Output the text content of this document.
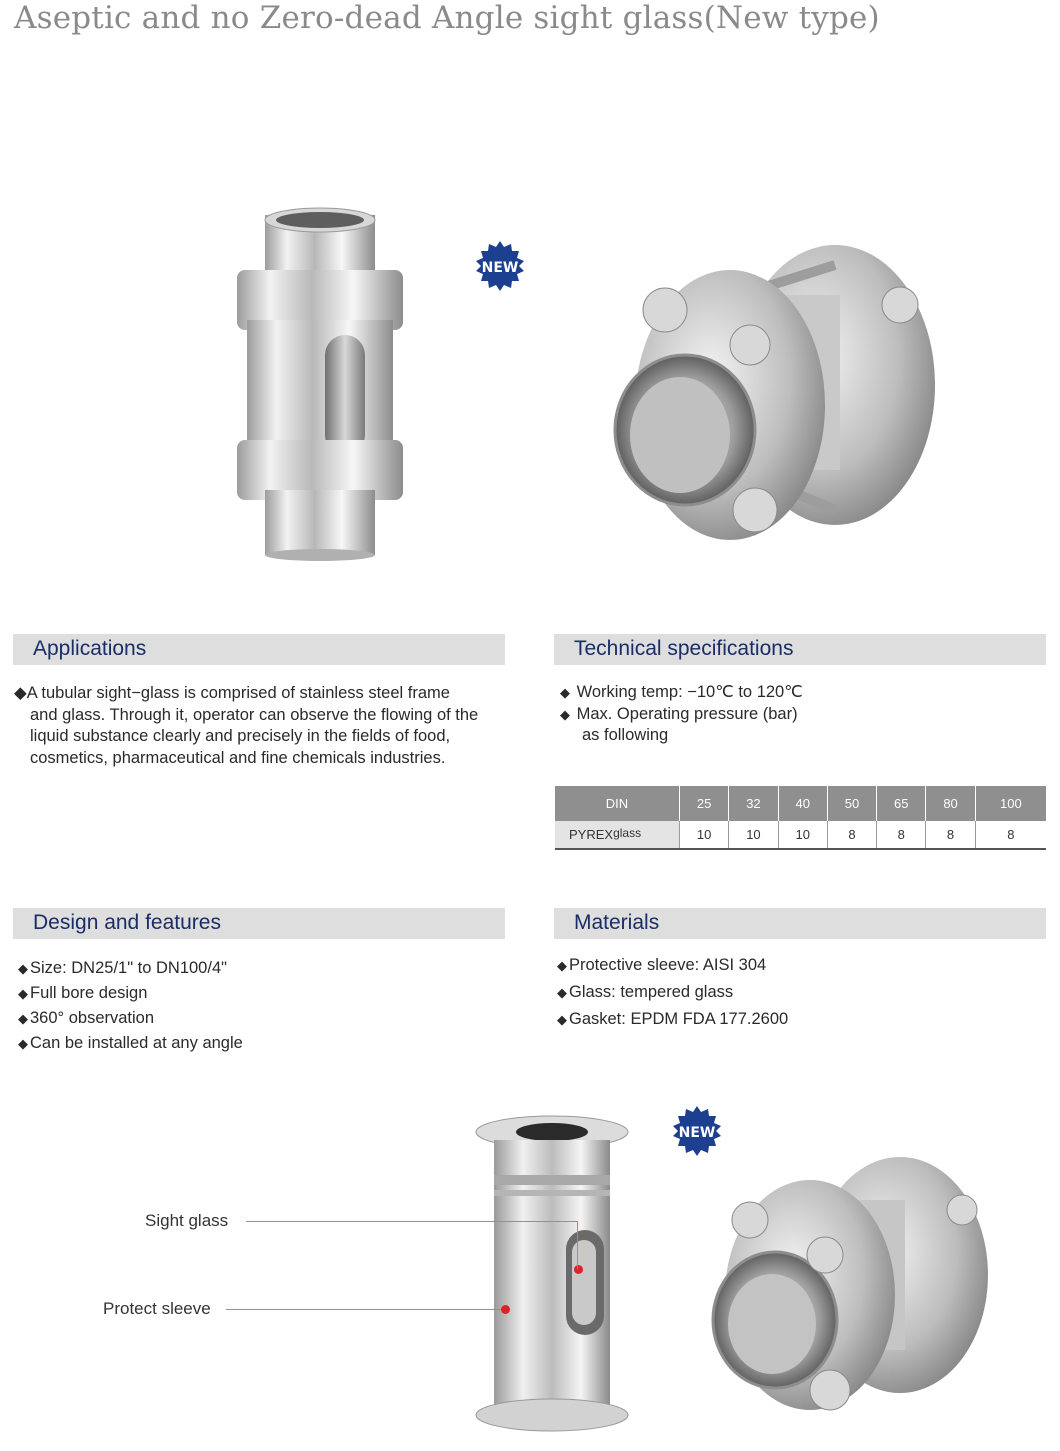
Aseptic and no Zero-dead Angle sight glass(New type)
NEW
Applications
◆A tubular sight−glass is comprised of stainless steel frame
and glass. Through it, operator can observe the flowing of the
liquid substance clearly and precisely in the fields of food,
cosmetics, pharmaceutical and fine chemicals industries.
Technical specifications
◆ Working temp: −10℃ to 120℃
◆ Max. Operating pressure (bar)
as following
DIN	25	32	40	50	65	80	100
PYREXglass	10	10	10	8	8	8	8
Design and features
◆ Size: DN25/1" to DN100/4"
◆ Full bore design
◆ 360° observation
◆ Can be installed at any angle
Materials
◆ Protective sleeve: AISI 304
◆ Glass: tempered glass
◆ Gasket: EPDM FDA 177.2600
Sight glass
Protect sleeve
NEW
